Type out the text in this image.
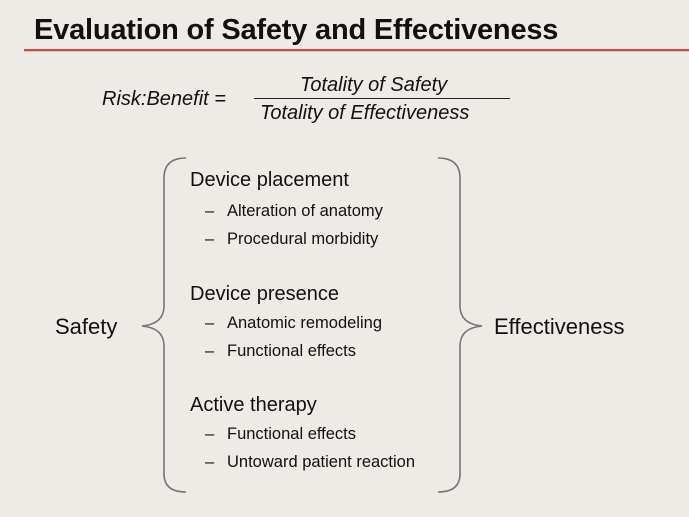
Evaluation of Safety and Effectiveness
Risk:Benefit =
Totality of Safety
Totality of Effectiveness
Safety	Effectiveness
Device placement
– Alteration of anatomy
– Procedural morbidity
Device presence
– Anatomic remodeling
– Functional effects
Active therapy
– Functional effects
– Untoward patient reaction
